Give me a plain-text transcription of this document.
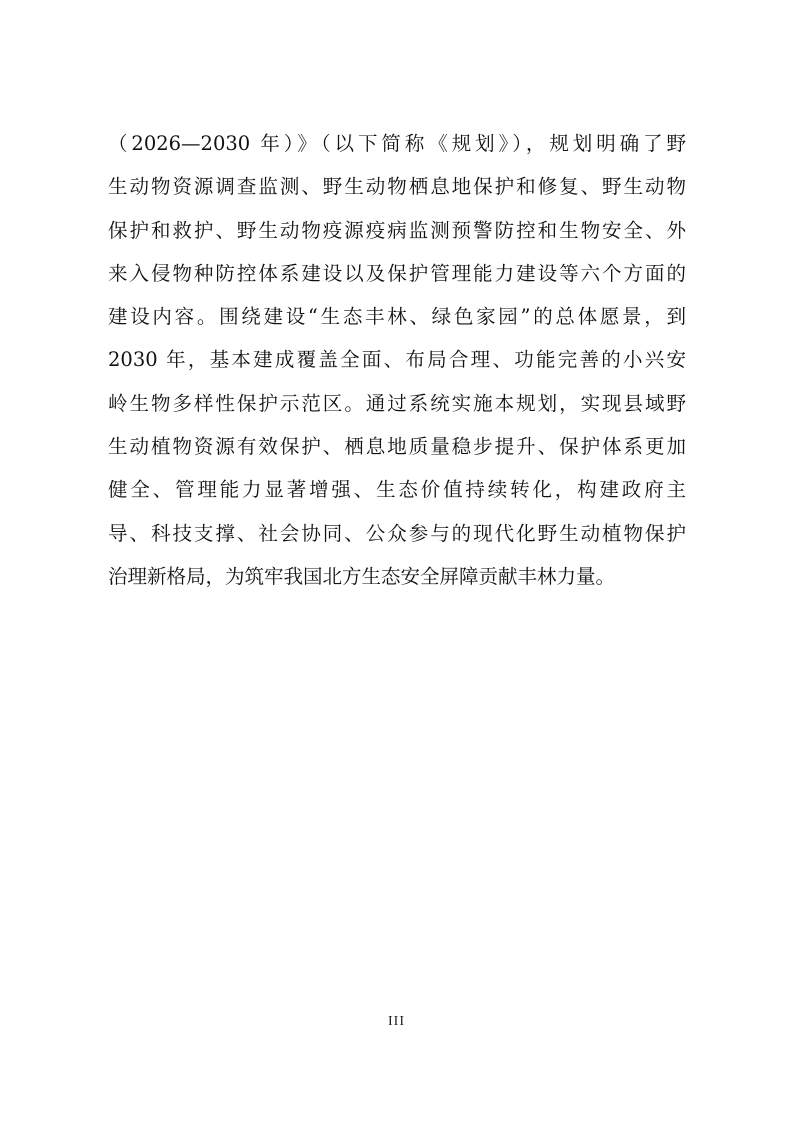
（2026—2030 年）》（以下简称《规划》），规划明确了野
生动物资源调查监测、野生动物栖息地保护和修复、野生动物
保护和救护、野生动物疫源疫病监测预警防控和生物安全、外
来入侵物种防控体系建设以及保护管理能力建设等六个方面的
建设内容。围绕建设“生态丰林、绿色家园”的总体愿景，到
2030 年，基本建成覆盖全面、布局合理、功能完善的小兴安
岭生物多样性保护示范区。通过系统实施本规划，实现县域野
生动植物资源有效保护、栖息地质量稳步提升、保护体系更加
健全、管理能力显著增强、生态价值持续转化，构建政府主
导、科技支撑、社会协同、公众参与的现代化野生动植物保护
治理新格局，为筑牢我国北方生态安全屏障贡献丰林力量。
III
